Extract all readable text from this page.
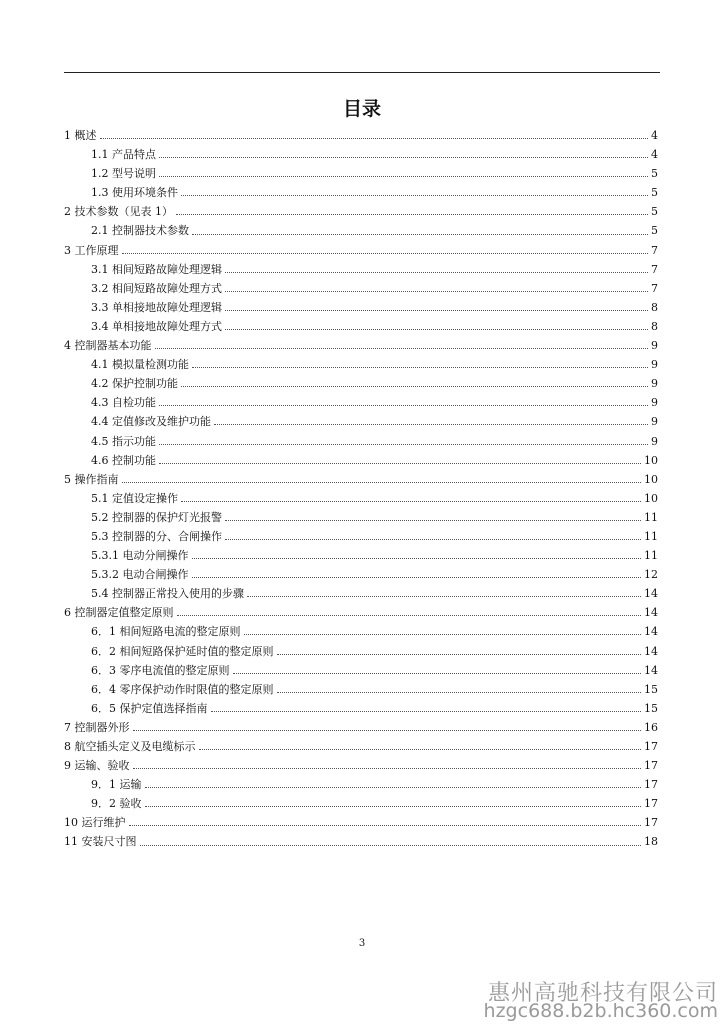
目录
1 概述	4
1.1 产品特点	4
1.2 型号说明	5
1.3 使用环境条件	5
2 技术参数（见表 1）	5
2.1 控制器技术参数	5
3 工作原理	7
3.1 相间短路故障处理逻辑	7
3.2 相间短路故障处理方式	7
3.3 单相接地故障处理逻辑	8
3.4 单相接地故障处理方式	8
4 控制器基本功能	9
4.1 模拟量检测功能	9
4.2 保护控制功能	9
4.3 自检功能	9
4.4 定值修改及维护功能	9
4.5 指示功能	9
4.6 控制功能	10
5 操作指南	10
5.1 定值设定操作	10
5.2 控制器的保护灯光报警	11
5.3 控制器的分、合闸操作	11
5.3.1 电动分闸操作	11
5.3.2 电动合闸操作	12
5.4 控制器正常投入使用的步骤	14
6 控制器定值整定原则	14
6．1 相间短路电流的整定原则	14
6．2 相间短路保护延时值的整定原则	14
6．3 零序电流值的整定原则	14
6．4 零序保护动作时限值的整定原则	15
6．5 保护定值选择指南	15
7 控制器外形	16
8 航空插头定义及电缆标示	17
9 运输、验收	17
9．1 运输	17
9．2 验收	17
10 运行维护	17
11 安装尺寸图	18
3
惠州高驰科技有限公司
hzgc688.b2b.hc360.com
